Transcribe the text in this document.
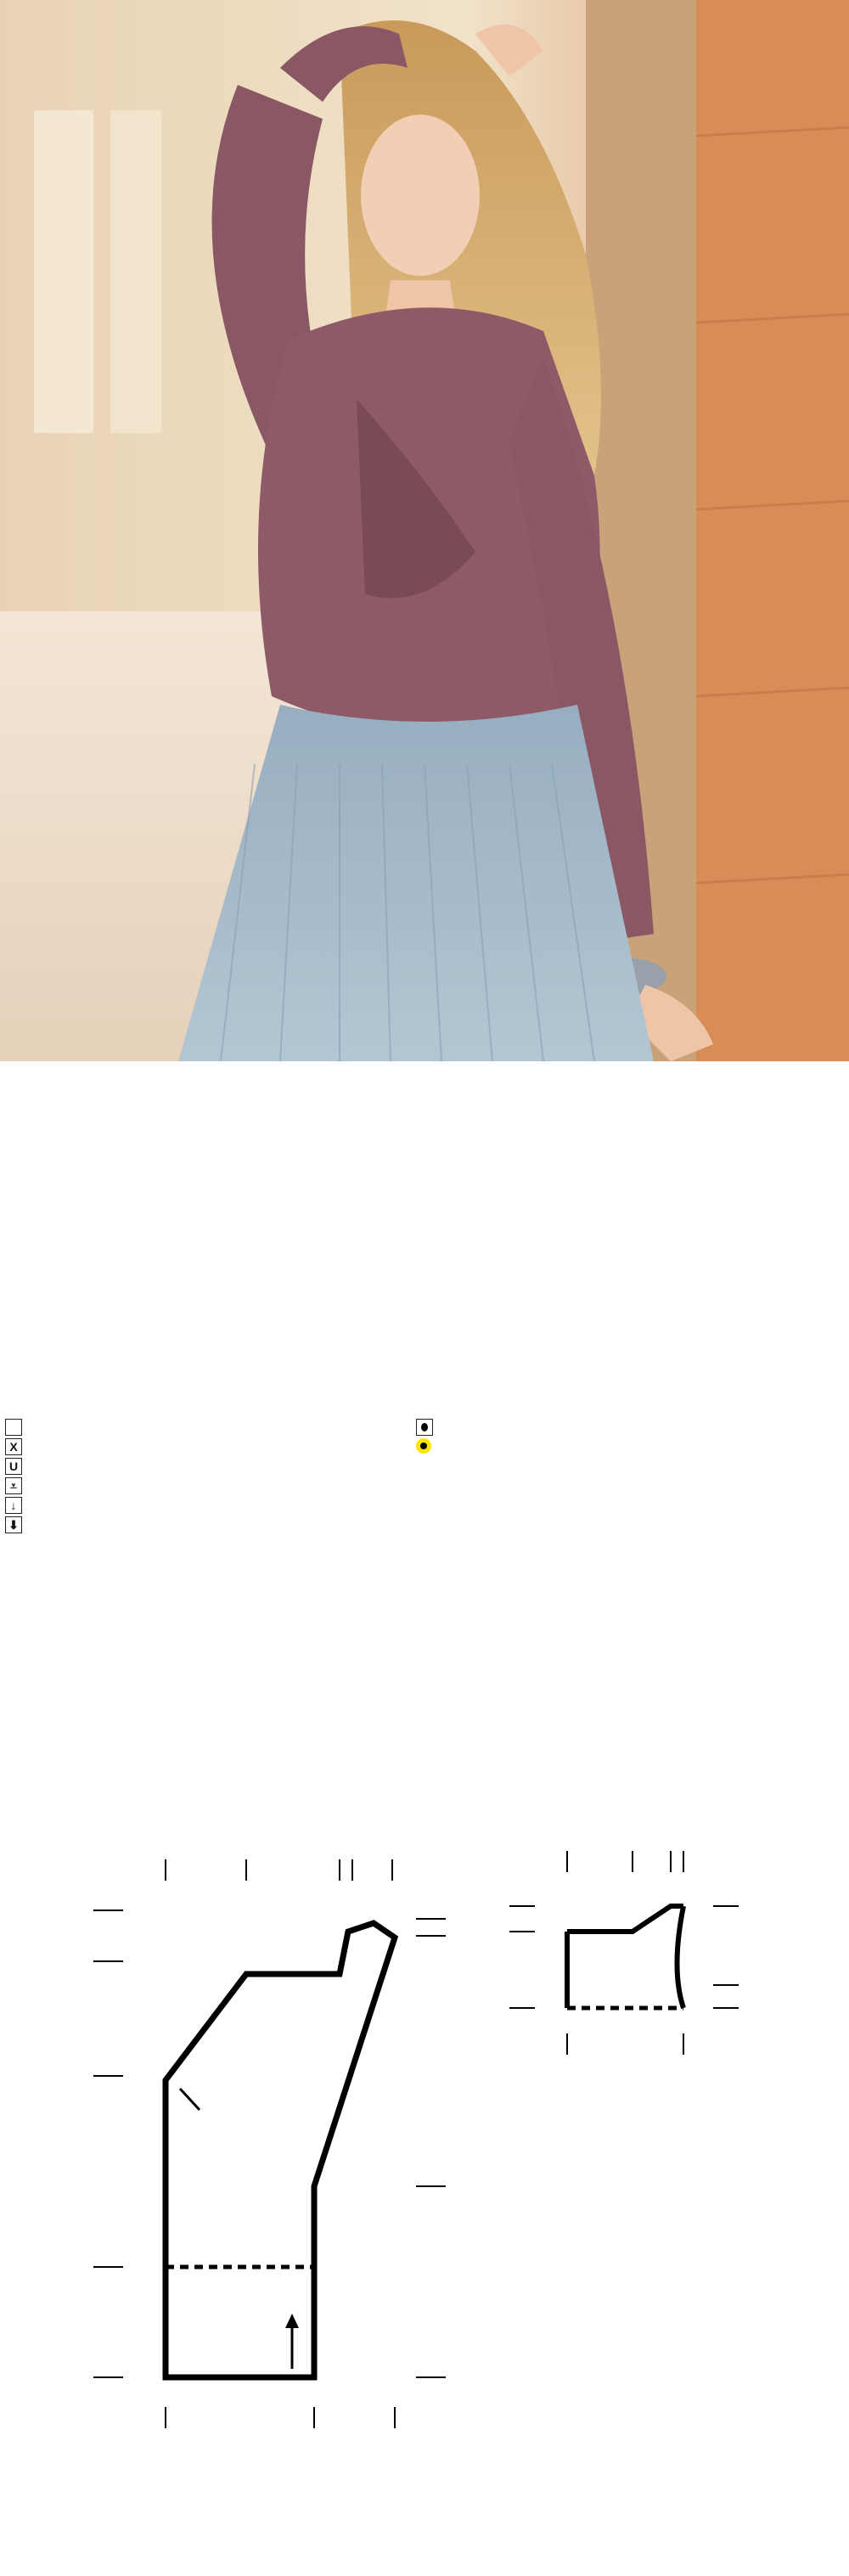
X
U
⩡
↓
⬇
